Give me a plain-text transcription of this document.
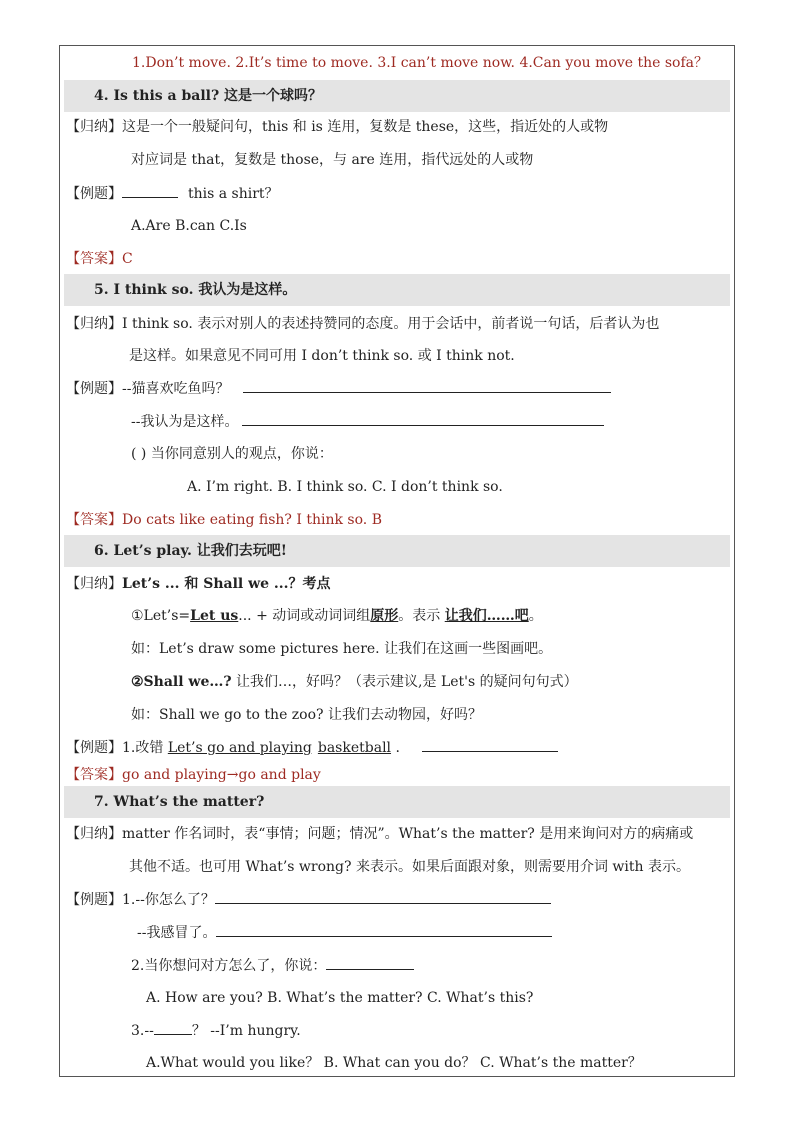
1.Don’t move. 2.It’s time to move. 3.I can’t move now. 4.Can you move the sofa？
4. Is this a ball? 这是一个球吗？
【归纳】这是一个一般疑问句，this 和 is 连用，复数是 these，这些，指近处的人或物
对应词是 that，复数是 those，与 are 连用，指代远处的人或物
【例题】	this a shirt？
A.Are B.can C.Is
【答案】C
5. I think so. 我认为是这样。
【归纳】I think so. 表示对别人的表述持赞同的态度。用于会话中，前者说一句话，后者认为也
是这样。如果意见不同可用 I don’t think so. 或 I think not.
【例题】--猫喜欢吃鱼吗？
--我认为是这样。
( ) 当你同意别人的观点，你说：
A. I’m right. B. I think so. C. I don’t think so.
【答案】Do cats like eating fish? I think so. B
6. Let’s play. 让我们去玩吧!
【归纳】Let’s ... 和 Shall we ...？考点
①Let’s=Let us... + 动词或动词词组原形。表示 让我们……吧。
如：Let’s draw some pictures here. 让我们在这画一些图画吧。
②Shall we…? 让我们…，好吗？（表示建议,是 Let's 的疑问句句式）
如：Shall we go to the zoo? 让我们去动物园，好吗？
【例题】1.改错 Let’s go and playing basketball .
【答案】go and playing→go and play
7. What’s the matter?
【归纳】matter 作名词时，表“事情；问题；情况”。What’s the matter? 是用来询问对方的病痛或
其他不适。也可用 What’s wrong? 来表示。如果后面跟对象，则需要用介词 with 表示。
【例题】1.--你怎么了？
--我感冒了。
2.当你想问对方怎么了，你说：
A. How are you? B. What’s the matter? C. What’s this?
3.--	？ --I’m hungry.
A.What would you like？ B. What can you do？ C. What’s the matter？
